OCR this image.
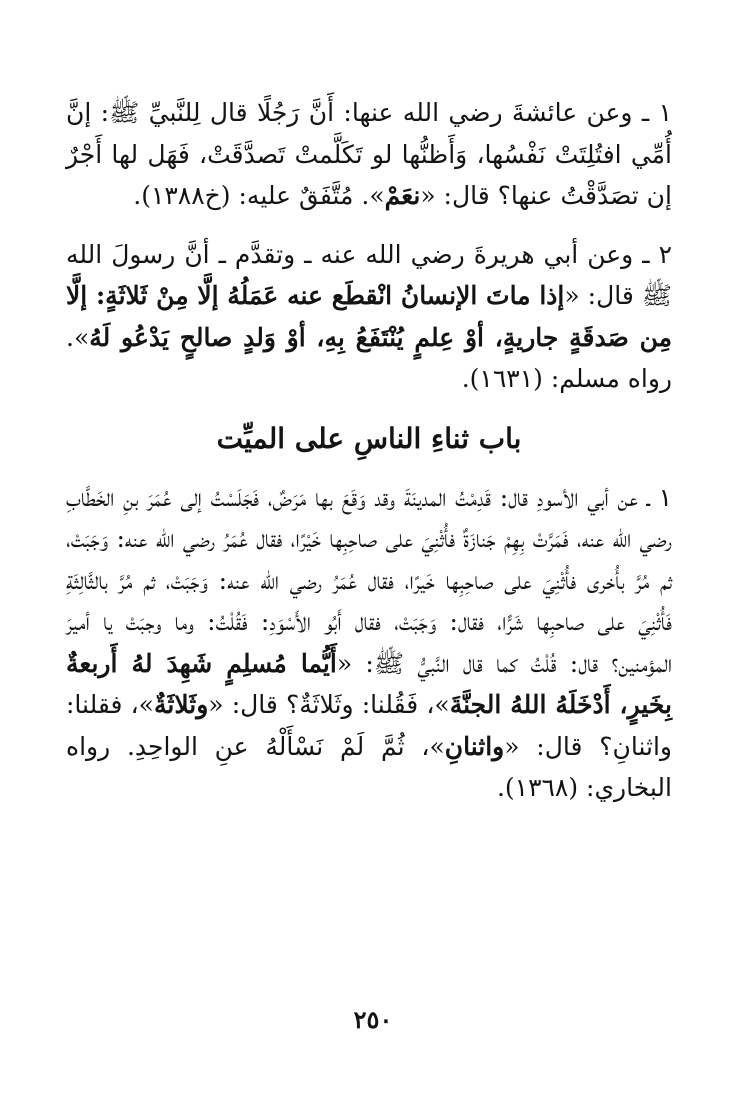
١ ـ وعن عائشةَ رضي الله عنها: أَنَّ رَجُلًا قال لِلنَّبيِّ ﷺ: إنَّ أُمِّي افتُلِتَتْ نَفْسُها، وَأَظنُّها لو تَكَلَّمتْ تَصدَّقَتْ، فَهَل لها أَجْرٌ إن تصَدَّقْتُ عنها؟ قال: «نعَمْ». مُتَّفَقٌ عليه: (خ١٣٨٨).

٢ ـ وعن أبي هريرةَ رضي الله عنه ـ وتقدَّم ـ أنَّ رسولَ الله ﷺ قال: «إذا ماتَ الإنسانُ انْقطَع عنه عَمَلُهُ إلَّا مِنْ ثَلاثَةٍ: إلَّا مِن صَدقَةٍ جاريةٍ، أوْ عِلمٍ يُنْتَفَعُ بِهِ، أوْ وَلدٍ صالحٍ يَدْعُو لَهُ». رواه مسلم: (١٦٣١).

باب ثناءِ الناسِ على الميِّت

١ ـ عن أبي الأسودِ قال: قَدِمْتُ المدينَةَ وقد وَقَعَ بها مَرَضٌ، فَجَلَسْتُ إلى عُمَرَ بنِ الخَطَّابِ رضي الله عنه، فَمَرَّتْ بِهِمْ جَنازَةٌ فأُثْنِيَ على صاحِبِها خَيْرًا، فقال عُمَرُ رضي الله عنه: وَجَبَتْ، ثم مُرَّ بأُخرى فأُثْنِيَ على صاحِبِها خَيرًا، فقال عُمَرُ رضي الله عنه: وَجَبَتْ، ثم مُرَّ بالثَّالِثَةِ فَأُثْنِيَ على صاحبِها شَرًّا، فقال: وَجَبَتْ، فقال أَبُو الأَسْوَدِ: فَقُلْتُ: وما وجبَتْ يا أميرَ المؤمنين؟ قال: قُلْتُ كما قال النَّبيُّ ﷺ: «أَيُّما مُسلِمٍ شَهِدَ لهُ أَربعةٌ بِخَيرٍ، أَدْخَلَهُ اللهُ الجنَّةَ»، فَقُلنا: وثَلاثَةٌ؟ قال: «وثَلاثَةٌ»، فقلنا: واثنانِ؟ قال: «واثنانِ»، ثُمَّ لَمْ نَسْأَلْهُ عنِ الواحِدِ. رواه البخاري: (١٣٦٨).

٢٥٠
